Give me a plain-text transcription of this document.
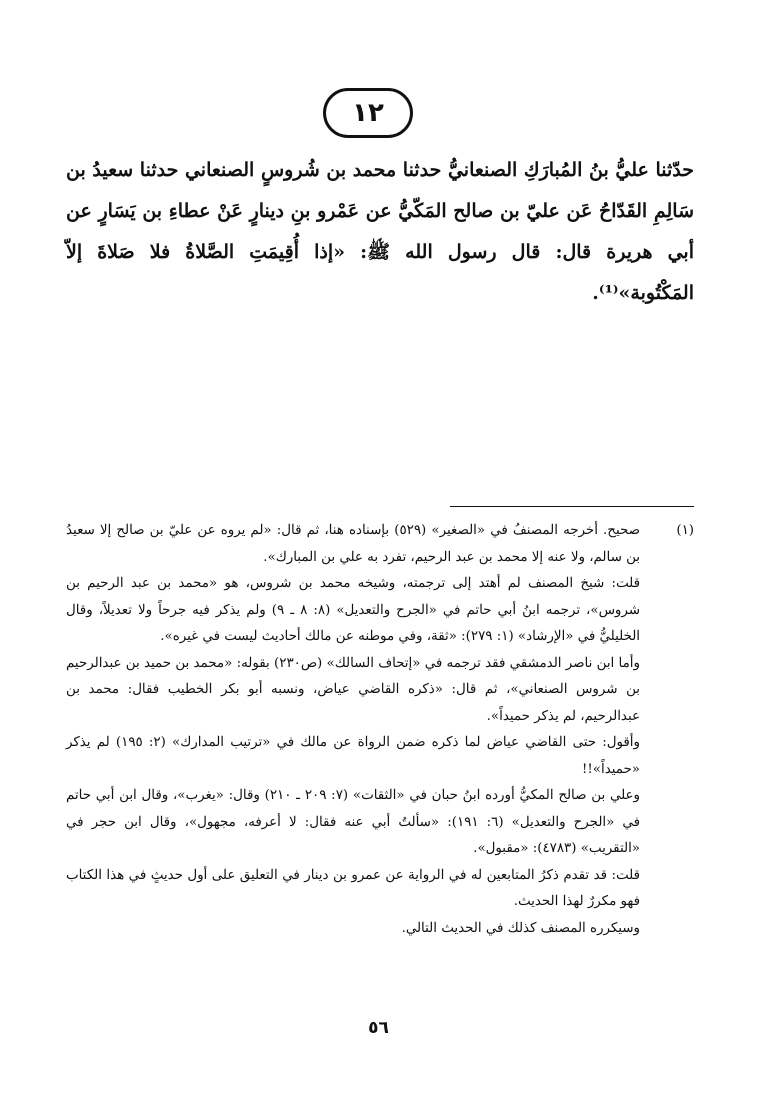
١٢

حدّثنا عليُّ بنُ المُبارَكِ الصنعانيُّ حدثنا محمد بن شُروسٍ الصنعاني حدثنا سعيدُ بن سَالِمِ القَدّاحُ عَن عليّ بن صالح المَكّيُّ عن عَمْرو بنِ دينارٍ عَنْ عطاءِ بن يَسَارٍ عن أبي هريرة قال: قال رسول الله ﷺ: «إذا أُقِيمَتِ الصَّلاةُ فلا صَلاةَ إلاّ المَكْتُوبة»⁽¹⁾.

(١)

صحيح. أخرجه المصنفُ في «الصغير» (٥٢٩) بإسناده هنا، ثم قال: «لم يروه عن عليّ بن صالح إلا سعيدُ بن سالم، ولا عنه إلا محمد بن عبد الرحيم، تفرد به علي بن المبارك».

قلت: شيخ المصنف لم أهتد إلى ترجمته، وشيخه محمد بن شروس، هو «محمد بن عبد الرحيم بن شروس»، ترجمه ابنُ أبي حاتم في «الجرح والتعديل» (٨: ٨ ـ ٩) ولم يذكر فيه جرحاً ولا تعديلاً، وقال الخليليُّ في «الإرشاد» (١: ٢٧٩): «ثقة، وفي موطنه عن مالك أحاديث ليست في غيره».

وأما ابن ناصر الدمشقي فقد ترجمه في «إتحاف السالك» (ص٢٣٠) بقوله: «محمد بن حميد بن عبدالرحيم بن شروس الصنعاني»، ثم قال: «ذكره القاضي عياض، ونسبه أبو بكر الخطيب فقال: محمد بن عبدالرحيم، لم يذكر حميداً».

وأقول: حتى القاضي عياض لما ذكره ضمن الرواة عن مالك في «ترتيب المدارك» (٢: ١٩٥) لم يذكر «حميداً»!!

وعلي بن صالح المكيُّ أورده ابنُ حبان في «الثقات» (٧: ٢٠٩ ـ ٢١٠) وقال: «يغرب»، وقال ابن أبي حاتم في «الجرح والتعديل» (٦: ١٩١): «سألتُ أبي عنه فقال: لا أعرفه، مجهول»، وقال ابن حجر في «التقريب» (٤٧٨٣): «مقبول».

قلت: قد تقدم ذكرُ المتابعين له في الرواية عن عمرو بن دينار في التعليق على أول حديثٍ في هذا الكتاب فهو مكررٌ لهذا الحديث.

وسيكرره المصنف كذلك في الحديث التالي.

٥٦
